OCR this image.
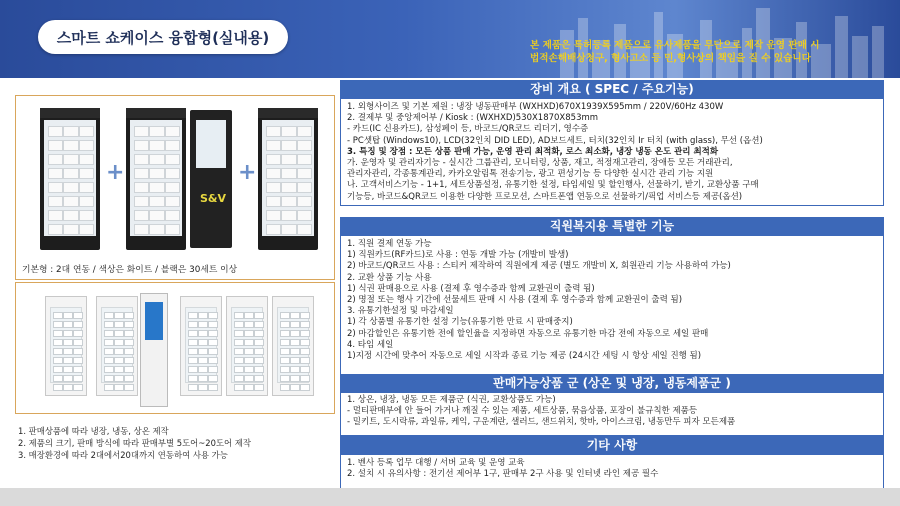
스마트 쇼케이스 융합형(실내용)	본 제품은 특허등록 제품으로 유사제품을 무단으로 제작 운영 판매 시
법적손해배상청구, 형사고소 등 민,형사상의 책임을 질 수 있습니다
+	+
S&V
기본형 : 2대 연동 / 색상은 화이트 / 블랙은 30세트 이상
1. 판매상품에 따라 냉장, 냉동, 상온 제작
2. 제품의 크기, 판매 방식에 따라 판매부별 5도어~20도어 제작
3. 매장환경에 따라 2대에서20대까지 연동하여 사용 가능
장비 개요 ( SPEC / 주요기능)
1. 외형사이즈 및 기본 제원 : 냉장 냉동판매부 (WXHXD)670X1939X595mm / 220V/60Hz 430W
2. 결제부 및 중앙제어부 / Kiosk : (WXHXD)530X1870X853mm
- 카드(IC 신용카드), 삼성페이 등, 바코드/QR코드 리더기, 영수증
- PC셋탑 (Windows10), LCD(32인치 DID LED), AD보드세트, 터치(32인치 Ir 터치 (with glass), 무선 (옵션)
3. 특징 및 장점 : 모든 상품 판매 가능, 운영 관리 최적화, 로스 최소화, 냉장 냉동 온도 관리 최적화
가. 운영자 및 관리자기능 - 실시간 그룹관리, 모니터링, 상품, 재고, 적정재고관리, 장애등 모든 거래관리,
관리자관리, 각종통계관리, 카카오알림톡 전송기능, 광고 편성기능 등 다양한 실시간 관리 기능 지원
나. 고객서비스기능 - 1+1, 세트상품설정, 유통기한 설정, 타임세일 및 할인행사, 선물하기, 받기, 교환상품 구매
기능등, 바코드&QR코드 이용한 다양한 프로모션, 스마트폰앱 연동으로 선물하기/픽업 서비스등 제공(옵션)
직원복지용 특별한 기능
1. 직원 결제 연동 가능
1) 직원카드(RF카드)로 사용 : 연동 개발 가능 (개발비 발생)
2) 바코드/QR코드 사용 : 스티커 제작하여 직원에게 제공 (별도 개발비 X, 회원관리 기능 사용하여 가능)
2. 교환 상품 기능 사용
1) 식권 판매용으로 사용 (결제 후 영수증과 함께 교환권이 출력 됨)
2) 명절 또는 행사 기간에 선물세트 판매 시 사용 (결제 후 영수증과 함께 교환권이 출력 됨)
3. 유통기한설정 및 마감세일
1) 각 상품별 유통기한 설정 기능(유통기한 만료 시 판매중지)
2) 마감할인은 유통기한 전에 할인율을 지정하면 자동으로 유통기한 마감 전에 자동으로 세일 판매
4. 타임 세일
1)지정 시간에 맞추어 자동으로 세일 시작과 종료 기능 제공 (24시간 세팅 시 항상 세일 진행 됨)
판매가능상품 군 (상온 및 냉장, 냉동제품군 )
1. 상온, 냉장, 냉동 모든 제품군 (식권, 교환상품도 가능)
- 멀티판매부에 안 들어 가거나 깨질 수 있는 제품, 세트상품, 묶음상품, 포장이 불규칙한 제품등
- 밀키트, 도시락류, 과일류, 케익, 구운계란, 샐러드, 샌드위치, 핫바, 아이스크림, 냉동만두 피자 모든제품
기타 사항
1. 벤사 등록 업무 대행 / 서버 교육 및 운영 교육
2. 설치 시 유의사항 : 전기선 제어부 1구, 판매부 2구 사용 및 인터넷 라인 제공 필수
